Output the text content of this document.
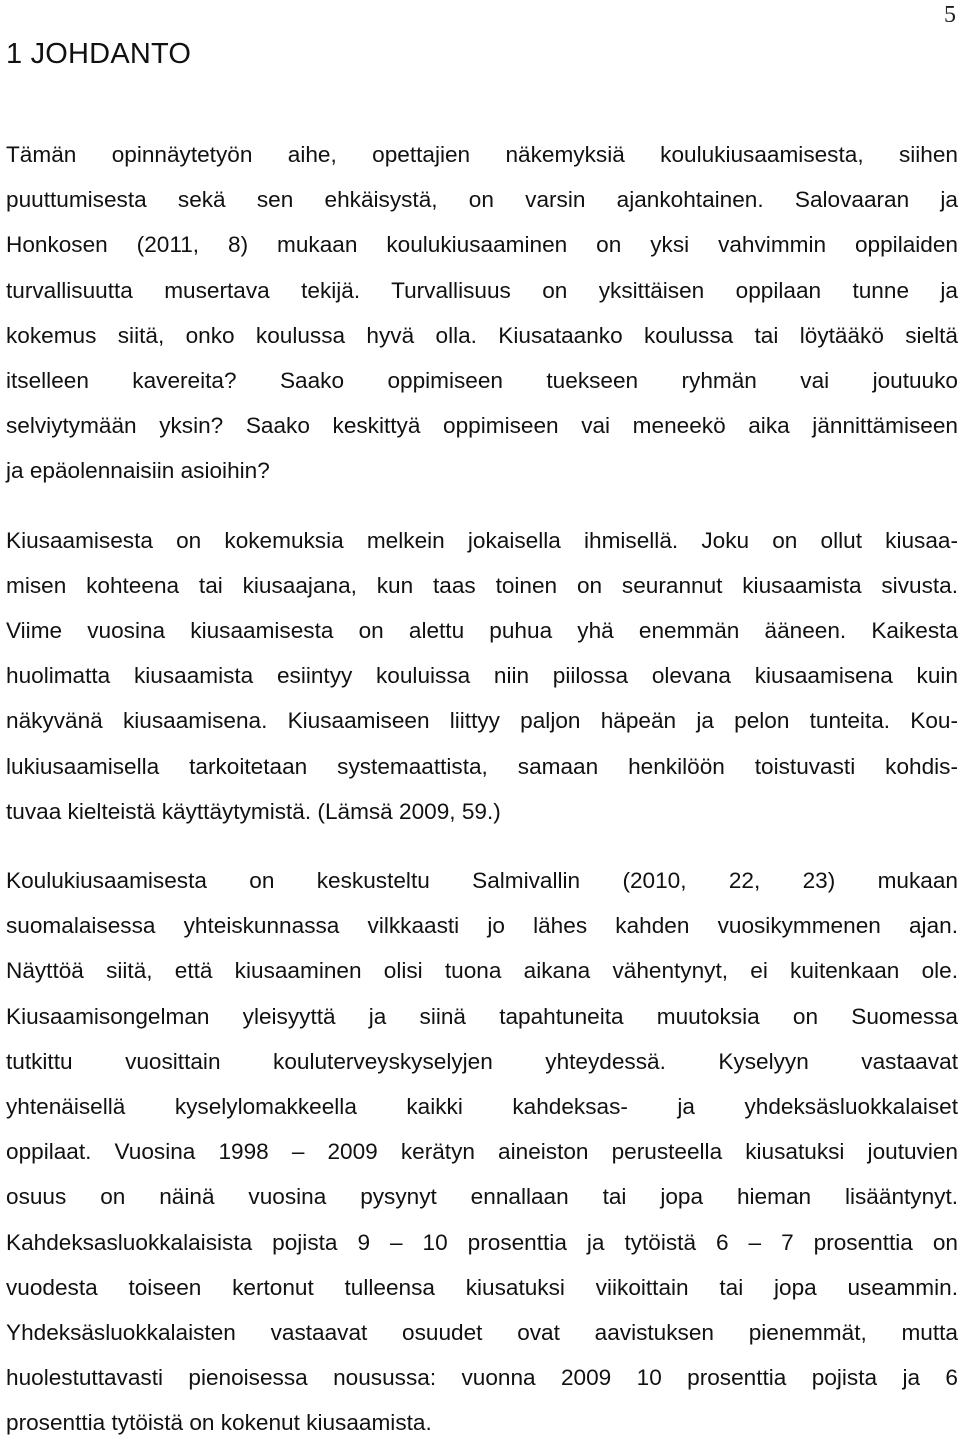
5
1 JOHDANTO
Tämän opinnäytetyön aihe, opettajien näkemyksiä koulukiusaamisesta, siihen
puuttumisesta sekä sen ehkäisystä, on varsin ajankohtainen. Salovaaran ja
Honkosen (2011, 8) mukaan koulukiusaaminen on yksi vahvimmin oppilaiden
turvallisuutta musertava tekijä. Turvallisuus on yksittäisen oppilaan tunne ja
kokemus siitä, onko koulussa hyvä olla. Kiusataanko koulussa tai löytääkö sieltä
itselleen kavereita? Saako oppimiseen tuekseen ryhmän vai joutuuko
selviytymään yksin? Saako keskittyä oppimiseen vai meneekö aika jännittämiseen
ja epäolennaisiin asioihin?
Kiusaamisesta on kokemuksia melkein jokaisella ihmisellä. Joku on ollut kiusaa-
misen kohteena tai kiusaajana, kun taas toinen on seurannut kiusaamista sivusta.
Viime vuosina kiusaamisesta on alettu puhua yhä enemmän ääneen. Kaikesta
huolimatta kiusaamista esiintyy kouluissa niin piilossa olevana kiusaamisena kuin
näkyvänä kiusaamisena. Kiusaamiseen liittyy paljon häpeän ja pelon tunteita. Kou-
lukiusaamisella tarkoitetaan systemaattista, samaan henkilöön toistuvasti kohdis-
tuvaa kielteistä käyttäytymistä. (Lämsä 2009, 59.)
Koulukiusaamisesta on keskusteltu Salmivallin (2010, 22, 23) mukaan
suomalaisessa yhteiskunnassa vilkkaasti jo lähes kahden vuosikymmenen ajan.
Näyttöä siitä, että kiusaaminen olisi tuona aikana vähentynyt, ei kuitenkaan ole.
Kiusaamisongelman yleisyyttä ja siinä tapahtuneita muutoksia on Suomessa
tutkittu vuosittain kouluterveyskyselyjen yhteydessä. Kyselyyn vastaavat
yhtenäisellä kyselylomakkeella kaikki kahdeksas- ja yhdeksäsluokkalaiset
oppilaat. Vuosina 1998 – 2009 kerätyn aineiston perusteella kiusatuksi joutuvien
osuus on näinä vuosina pysynyt ennallaan tai jopa hieman lisääntynyt.
Kahdeksasluokkalaisista pojista 9 – 10 prosenttia ja tytöistä 6 – 7 prosenttia on
vuodesta toiseen kertonut tulleensa kiusatuksi viikoittain tai jopa useammin.
Yhdeksäsluokkalaisten vastaavat osuudet ovat aavistuksen pienemmät, mutta
huolestuttavasti pienoisessa nousussa: vuonna 2009 10 prosenttia pojista ja 6
prosenttia tytöistä on kokenut kiusaamista.
